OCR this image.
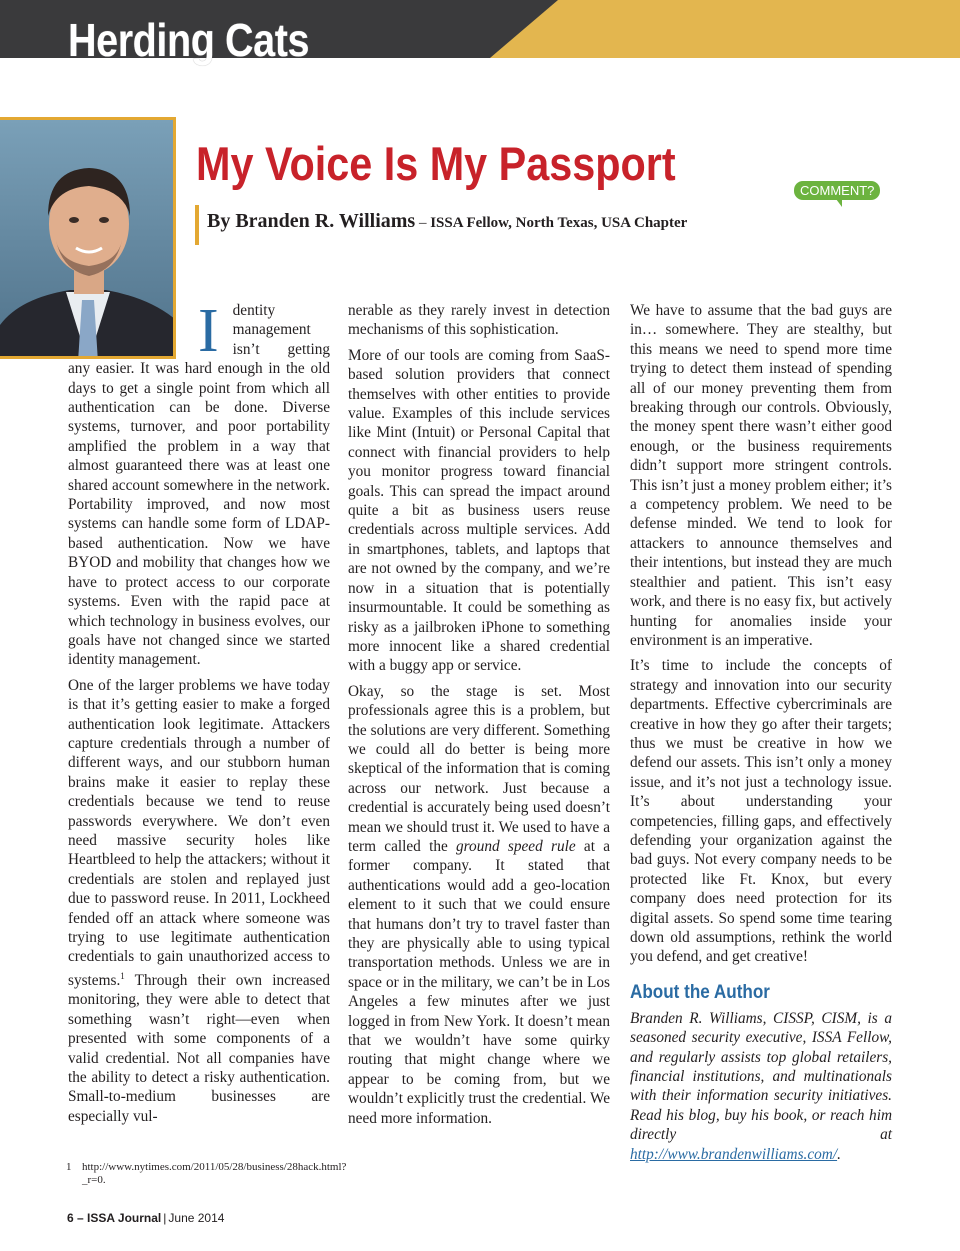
Herding Cats
My Voice Is My Passport
By Branden R. Williams – ISSA Fellow, North Texas, USA Chapter
COMMENT?

Identity management isn’t getting any easier. It was hard enough in the old days to get a single point from which all authentication can be done. Diverse systems, turnover, and poor portability amplified the problem in a way that almost guaranteed there was at least one shared account somewhere in the network. Portability improved, and now most systems can handle some form of LDAP-based authentication. Now we have BYOD and mobility that changes how we have to protect access to our corporate systems. Even with the rapid pace at which technology in business evolves, our goals have not changed since we started identity management.

One of the larger problems we have today is that it’s getting easier to make a forged authentication look legitimate. Attackers capture credentials through a number of different ways, and our stubborn human brains make it easier to replay these credentials because we tend to reuse passwords everywhere. We don’t even need massive security holes like Heartbleed to help the attackers; without it credentials are stolen and replayed just due to password reuse. In 2011, Lockheed fended off an attack where someone was trying to use legitimate authentication credentials to gain unauthorized access to systems.$^1$ Through their own increased monitoring, they were able to detect that something wasn’t right—even when presented with some components of a valid credential. Not all companies have the ability to detect a risky authentication. Small-to-medium businesses are especially vul-

nerable as they rarely invest in detection mechanisms of this sophistication.

More of our tools are coming from SaaS-based solution providers that connect themselves with other entities to provide value. Examples of this include services like Mint (Intuit) or Personal Capital that connect with financial providers to help you monitor progress toward financial goals. This can spread the impact around quite a bit as business users reuse credentials across multiple services. Add in smartphones, tablets, and laptops that are not owned by the company, and we’re now in a situation that is potentially insurmountable. It could be something as risky as a jailbroken iPhone to something more innocent like a shared credential with a buggy app or service.

Okay, so the stage is set. Most professionals agree this is a problem, but the solutions are very different. Something we could all do better is being more skeptical of the information that is coming across our network. Just because a credential is accurately being used doesn’t mean we should trust it. We used to have a term called the ground speed rule at a former company. It stated that authentications would add a geo-location element to it such that we could ensure that humans don’t try to travel faster than they are physically able to using typical transportation methods. Unless we are in space or in the military, we can’t be in Los Angeles a few minutes after we just logged in from New York. It doesn’t mean that we wouldn’t have some quirky routing that might change where we appear to be coming from, but we wouldn’t explicitly trust the credential. We need more information.

We have to assume that the bad guys are in… somewhere. They are stealthy, but this means we need to spend more time trying to detect them instead of spending all of our money preventing them from breaking through our controls. Obviously, the money spent there wasn’t either good enough, or the business requirements didn’t support more stringent controls. This isn’t just a money problem either; it’s a competency problem. We need to be defense minded. We tend to look for attackers to announce themselves and their intentions, but instead they are much stealthier and patient. This isn’t easy work, and there is no easy fix, but actively hunting for anomalies inside your environment is an imperative.

It’s time to include the concepts of strategy and innovation into our security departments. Effective cybercriminals are creative in how they go after their targets; thus we must be creative in how we defend our assets. This isn’t only a money issue, and it’s not just a technology issue. It’s about understanding your competencies, filling gaps, and effectively defending your organization against the bad guys. Not every company needs to be protected like Ft. Knox, but every company does need protection for its digital assets. So spend some time tearing down old assumptions, rethink the world you defend, and get creative!

About the Author

Branden R. Williams, CISSP, CISM, is a seasoned security executive, ISSA Fellow, and regularly assists top global retailers, financial institutions, and multinationals with their information security initiatives. Read his blog, buy his book, or reach him directly at http://www.brandenwilliams.com/.

1 http://www.nytimes.com/2011/05/28/business/28hack.html?_r=0.
6 – ISSA Journal | June 2014
